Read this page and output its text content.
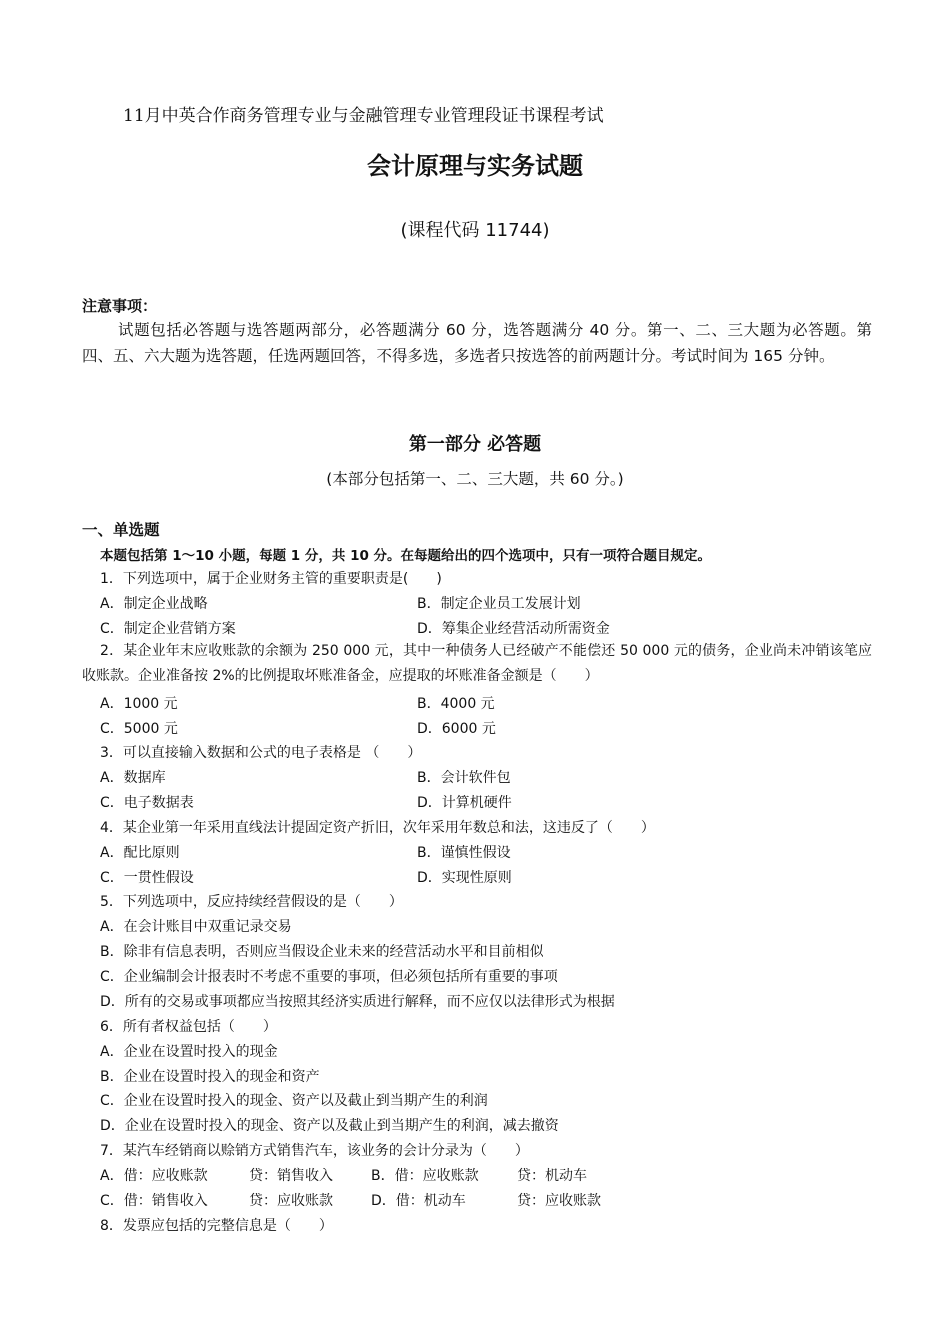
11月中英合作商务管理专业与金融管理专业管理段证书课程考试
会计原理与实务试题
(课程代码 11744)
注意事项：
试题包括必答题与选答题两部分，必答题满分 60 分，选答题满分 40 分。第一、二、三大题为必答题。第四、五、六大题为选答题，任选两题回答，不得多选，多选者只按选答的前两题计分。考试时间为 165 分钟。
第一部分 必答题
(本部分包括第一、二、三大题，共 60 分。)
一、单选题
本题包括第 1～10 小题，每题 1 分，共 10 分。在每题给出的四个选项中，只有一项符合题目规定。
1．下列选项中，属于企业财务主管的重要职责是(　　)
A．制定企业战略	B．制定企业员工发展计划
C．制定企业营销方案	D．筹集企业经营活动所需资金
2．某企业年末应收账款的余额为 250 000 元，其中一种债务人已经破产不能偿还 50 000 元的债务，企业尚未冲销该笔应收账款。企业准备按 2%的比例提取坏账准备金，应提取的坏账准备金额是（　　）
A．1000 元	B．4000 元
C．5000 元	D．6000 元
3．可以直接输入数据和公式的电子表格是 （　　）
A．数据库	B．会计软件包
C．电子数据表	D．计算机硬件
4．某企业第一年采用直线法计提固定资产折旧，次年采用年数总和法，这违反了（　　）
A．配比原则	B．谨慎性假设
C．一贯性假设	D．实现性原则
5．下列选项中，反应持续经营假设的是（　　）
A．在会计账目中双重记录交易
B．除非有信息表明，否则应当假设企业未来的经营活动水平和目前相似
C．企业编制会计报表时不考虑不重要的事项，但必须包括所有重要的事项
D．所有的交易或事项都应当按照其经济实质进行解释，而不应仅以法律形式为根据
6．所有者权益包括（　　）
A．企业在设置时投入的现金
B．企业在设置时投入的现金和资产
C．企业在设置时投入的现金、资产以及截止到当期产生的利润
D．企业在设置时投入的现金、资产以及截止到当期产生的利润，减去撤资
7．某汽车经销商以赊销方式销售汽车，该业务的会计分录为（　　）
A．借：应收账款	贷：销售收入	B．借：应收账款	贷：机动车
C．借：销售收入	贷：应收账款	D．借：机动车	贷：应收账款
8．发票应包括的完整信息是（　　）
